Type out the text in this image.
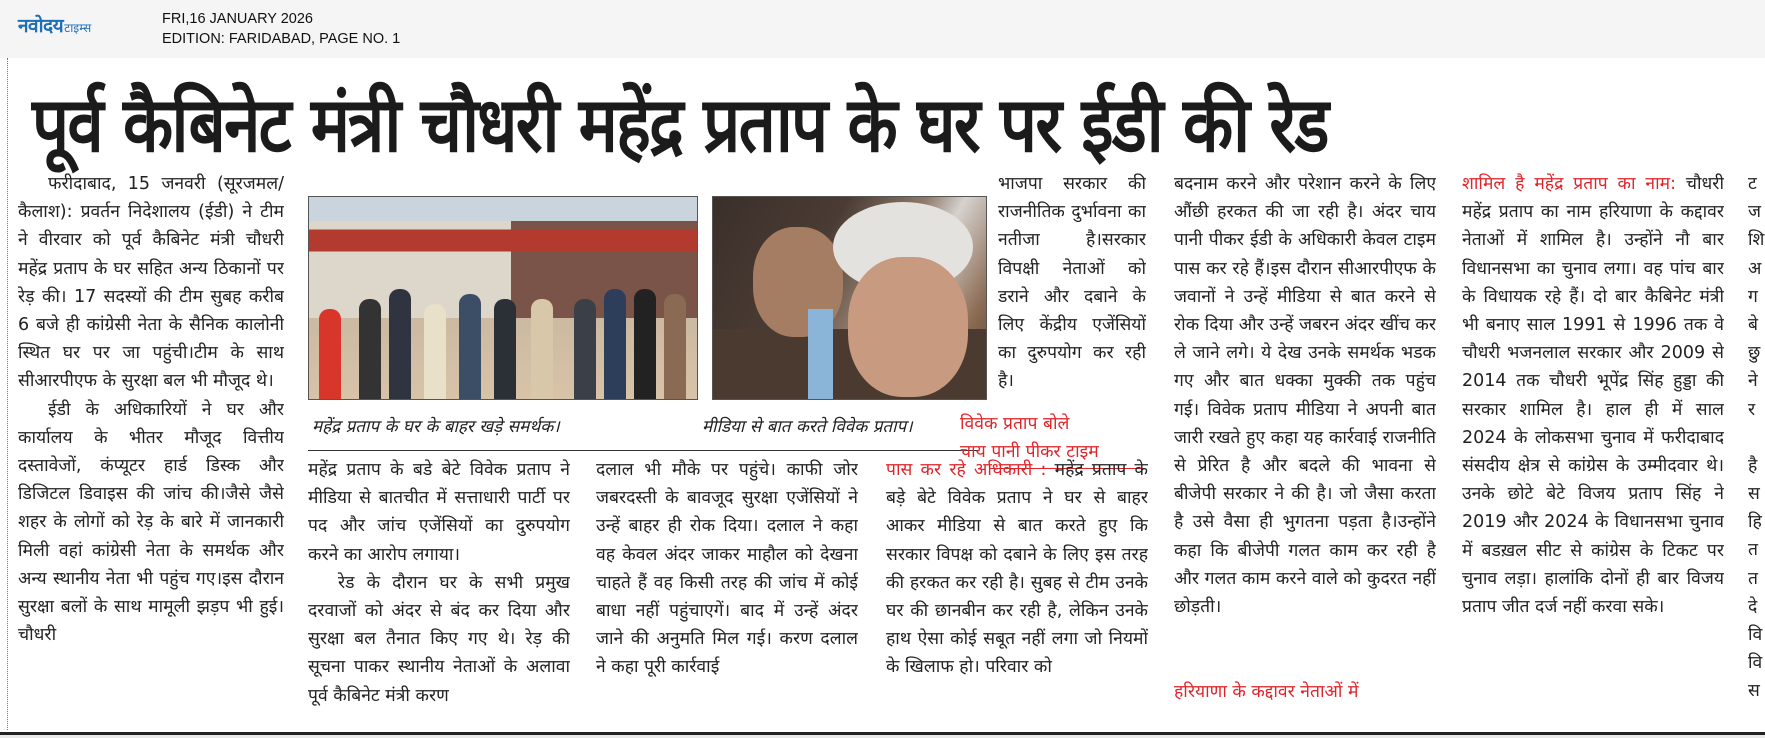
नवोदय टाइम्स
FRI,16 JANUARY 2026
EDITION: FARIDABAD, PAGE NO. 1
पूर्व कैबिनेट मंत्री चौधरी महेंद्र प्रताप के घर पर ईडी की रेड

फरीदाबाद, 15 जनवरी (सूरजमल/कैलाश): प्रवर्तन निदेशालय (ईडी) ने टीम ने वीरवार को पूर्व कैबिनेट मंत्री चौधरी महेंद्र प्रताप के घर सहित अन्य ठिकानों पर रेड़ की। 17 सदस्यों की टीम सुबह करीब 6 बजे ही कांग्रेसी नेता के सैनिक कालोनी स्थित घर पर जा पहुंची।टीम के साथ सीआरपीएफ के सुरक्षा बल भी मौजूद थे।

ईडी के अधिकारियों ने घर और कार्यालय के भीतर मौजूद वित्तीय दस्तावेजों, कंप्यूटर हार्ड डिस्क और डिजिटल डिवाइस की जांच की।जैसे जैसे शहर के लोगों को रेड़ के बारे में जानकारी मिली वहां कांग्रेसी नेता के समर्थक और अन्य स्थानीय नेता भी पहुंच गए।इस दौरान सुरक्षा बलों के साथ मामूली झड़प भी हुई।चौधरी

महेंद्र प्रताप के घर के बाहर खड़े समर्थक।	मीडिया से बात करते विवेक प्रताप।

महेंद्र प्रताप के बडे बेटे विवेक प्रताप ने मीडिया से बातचीत में सत्ताधारी पार्टी पर पद और जांच एजेंसियों का दुरुपयोग करने का आरोप लगाया।

रेड के दौरान घर के सभी प्रमुख दरवाजों को अंदर से बंद कर दिया और सुरक्षा बल तैनात किए गए थे। रेड़ की सूचना पाकर स्थानीय नेताओं के अलावा पूर्व कैबिनेट मंत्री करण

दलाल भी मौके पर पहुंचे। काफी जोर जबरदस्ती के बावजूद सुरक्षा एजेंसियों ने उन्हें बाहर ही रोक दिया। दलाल ने कहा वह केवल अंदर जाकर माहौल को देखना चाहते हैं वह किसी तरह की जांच में कोई बाधा नहीं पहुंचाएगें। बाद में उन्हें अंदर जाने की अनुमति मिल गई। करण दलाल ने कहा पूरी कार्रवाई

भाजपा सरकार की राजनीतिक दुर्भावना का नतीजा है।सरकार विपक्षी नेताओं को डराने और दबाने के लिए केंद्रीय एजेंसियों का दुरुपयोग कर रही है।

विवेक प्रताप बोले
चाय पानी पीकर टाइम

पास कर रहे अधिकारी : महेंद्र प्रताप के बड़े बेटे विवेक प्रताप ने घर से बाहर आकर मीडिया से बात करते हुए कि सरकार विपक्ष को दबाने के लिए इस तरह की हरकत कर रही है। सुबह से टीम उनके घर की छानबीन कर रही है, लेकिन उनके हाथ ऐसा कोई सबूत नहीं लगा जो नियमों के खिलाफ हो। परिवार को

बदनाम करने और परेशान करने के लिए औंछी हरकत की जा रही है। अंदर चाय पानी पीकर ईडी के अधिकारी केवल टाइम पास कर रहे हैं।इस दौरान सीआरपीएफ के जवानों ने उन्हें मीडिया से बात करने से रोक दिया और उन्हें जबरन अंदर खींच कर ले जाने लगे। ये देख उनके समर्थक भडक गए और बात धक्का मुक्की तक पहुंच गई। विवेक प्रताप मीडिया ने अपनी बात जारी रखते हुए कहा यह कार्रवाई राजनीति से प्रेरित है और बदले की भावना से बीजेपी सरकार ने की है। जो जैसा करता है उसे वैसा ही भुगतना पड़ता है।उन्होंने कहा कि बीजेपी गलत काम कर रही है और गलत काम करने वाले को कुदरत नहीं छोड़ती।

हरियाणा के कद्दावर नेताओं में

शामिल है महेंद्र प्रताप का नाम: चौधरी महेंद्र प्रताप का नाम हरियाणा के कद्दावर नेताओं में शामिल है। उन्होंने नौ बार विधानसभा का चुनाव लगा। वह पांच बार के विधायक रहे हैं। दो बार कैबिनेट मंत्री भी बनाए साल 1991 से 1996 तक वे चौधरी भजनलाल सरकार और 2009 से 2014 तक चौधरी भूपेंद्र सिंह हुड्डा की सरकार शामिल है। हाल ही में साल 2024 के लोकसभा चुनाव में फरीदाबाद संसदीय क्षेत्र से कांग्रेस के उम्मीदवार थे। उनके छोटे बेटे विजय प्रताप सिंह ने 2019 और 2024 के विधानसभा चुनाव में बडख़ल सीट से कांग्रेस के टिकट पर चुनाव लड़ा। हालांकि दोनों ही बार विजय प्रताप जीत दर्ज नहीं करवा सके।

ट
ज
शि
अ
ग
बे
छु
ने
र
है
स
हि
त
त
दे
वि
वि
स
